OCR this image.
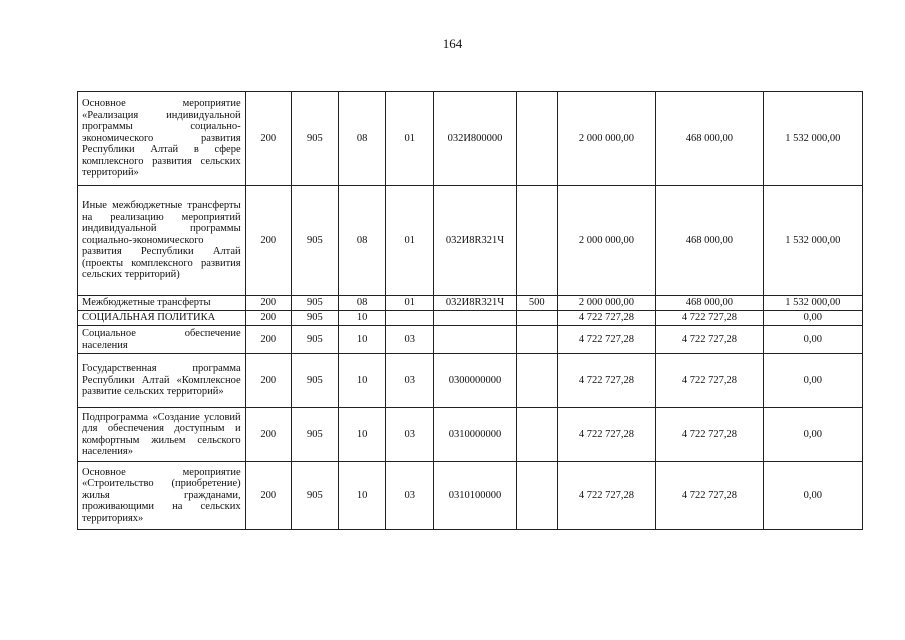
164
Основное мероприятие «Реализация индивидуальной программы социально-экономического развития Республики Алтай в сфере комплексного развития сельских территорий»	200	905	08	01	032И800000		2 000 000,00	468 000,00	1 532 000,00
Иные межбюджетные трансферты на реализацию мероприятий индивидуальной программы социально-экономического развития Республики Алтай (проекты комплексного развития сельских территорий)	200	905	08	01	032И8R321Ч		2 000 000,00	468 000,00	1 532 000,00
Межбюджетные трансферты	200	905	08	01	032И8R321Ч	500	2 000 000,00	468 000,00	1 532 000,00
СОЦИАЛЬНАЯ ПОЛИТИКА	200	905	10				4 722 727,28	4 722 727,28	0,00
Социальное обеспечение населения	200	905	10	03			4 722 727,28	4 722 727,28	0,00
Государственная программа Республики Алтай «Комплексное развитие сельских территорий»	200	905	10	03	0300000000		4 722 727,28	4 722 727,28	0,00
Подпрограмма «Создание условий для обеспечения доступным и комфортным жильем сельского населения»	200	905	10	03	0310000000		4 722 727,28	4 722 727,28	0,00
Основное мероприятие «Строительство (приобретение) жилья гражданами, проживающими на сельских территориях»	200	905	10	03	0310100000		4 722 727,28	4 722 727,28	0,00
